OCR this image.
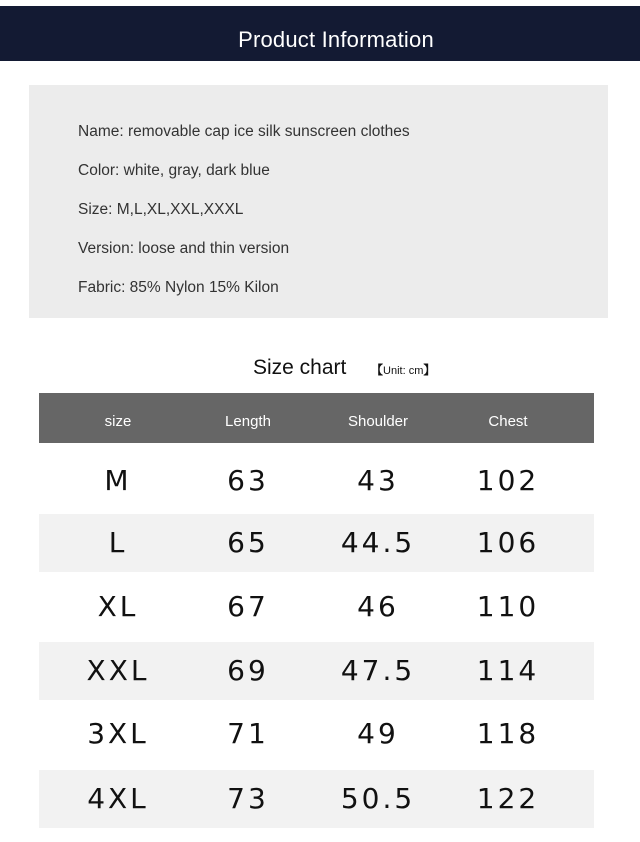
Product Information
Name: removable cap ice silk sunscreen clothes
Color: white, gray, dark blue
Size: M,L,XL,XXL,XXXL
Version: loose and thin version
Fabric: 85% Nylon 15% Kilon
Size chart 【Unit: cm】
size	Length	Shoulder	Chest
M	63	43	102
L	65	44.5	106
XL	67	46	110
XXL	69	47.5	114
3XL	71	49	118
4XL	73	50.5	122
